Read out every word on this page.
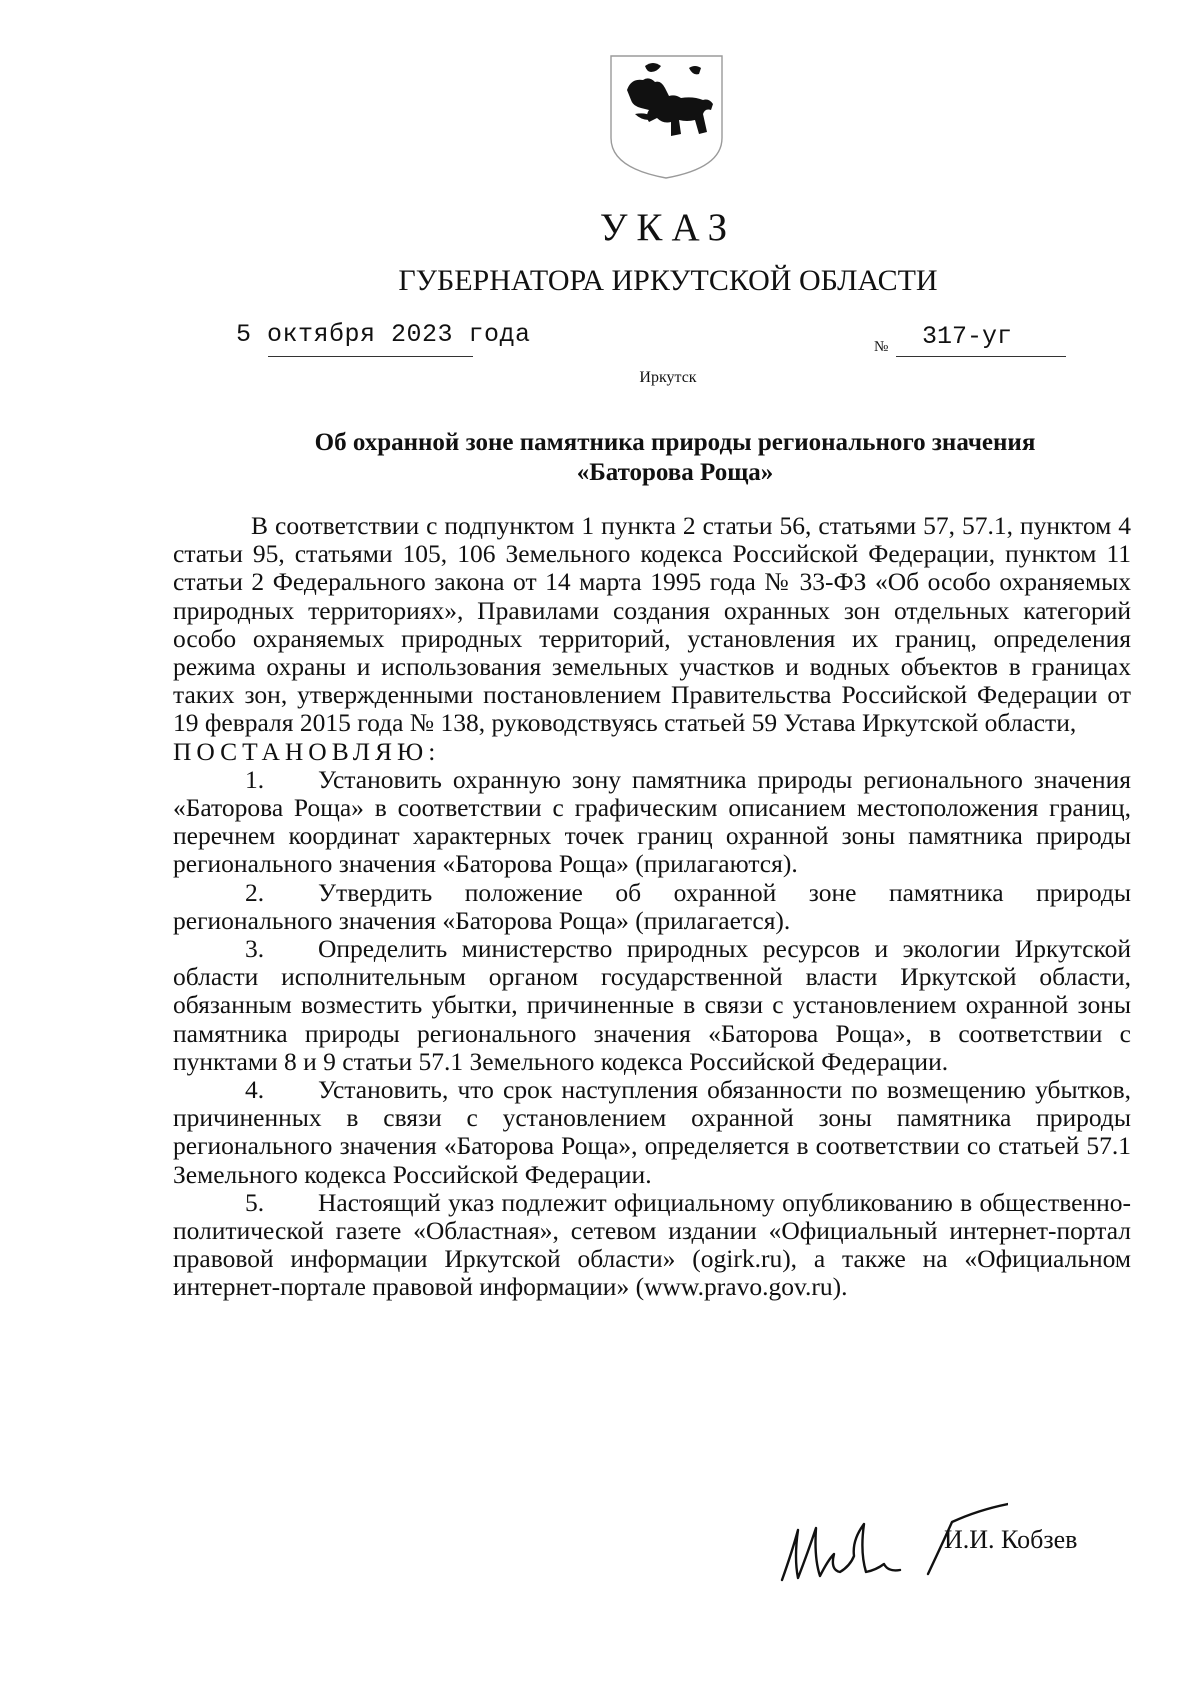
УКАЗ
ГУБЕРНАТОРА ИРКУТСКОЙ ОБЛАСТИ
5 октября 2023 года	№ 317-уг
Иркутск
Об охранной зоне памятника природы регионального значения
«Баторова Роща»

В соответствии с подпунктом 1 пункта 2 статьи 56, статьями 57, 57.1, пунктом 4 статьи 95, статьями 105, 106 Земельного кодекса Российской Федерации, пунктом 11 статьи 2 Федерального закона от 14 марта 1995 года № 33-ФЗ «Об особо охраняемых природных территориях», Правилами создания охранных зон отдельных категорий особо охраняемых природных территорий, установления их границ, определения режима охраны и использования земельных участков и водных объектов в границах таких зон, утвержденными постановлением Правительства Российской Федерации от 19 февраля 2015 года № 138, руководствуясь статьей 59 Устава Иркутской области,

ПОСТАНОВЛЯЮ:

1. Установить охранную зону памятника природы регионального значения «Баторова Роща» в соответствии с графическим описанием местоположения границ, перечнем координат характерных точек границ охранной зоны памятника природы регионального значения «Баторова Роща» (прилагаются).

2. Утвердить положение об охранной зоне памятника природы регионального значения «Баторова Роща» (прилагается).

3. Определить министерство природных ресурсов и экологии Иркутской области исполнительным органом государственной власти Иркутской области, обязанным возместить убытки, причиненные в связи с установлением охранной зоны памятника природы регионального значения «Баторова Роща», в соответствии с пунктами 8 и 9 статьи 57.1 Земельного кодекса Российской Федерации.

4. Установить, что срок наступления обязанности по возмещению убытков, причиненных в связи с установлением охранной зоны памятника природы регионального значения «Баторова Роща», определяется в соответствии со статьей 57.1 Земельного кодекса Российской Федерации.

5. Настоящий указ подлежит официальному опубликованию в общественно-политической газете «Областная», сетевом издании «Официальный интернет-портал правовой информации Иркутской области» (ogirk.ru), а также на «Официальном интернет-портале правовой информации» (www.pravo.gov.ru).

И.И. Кобзев
